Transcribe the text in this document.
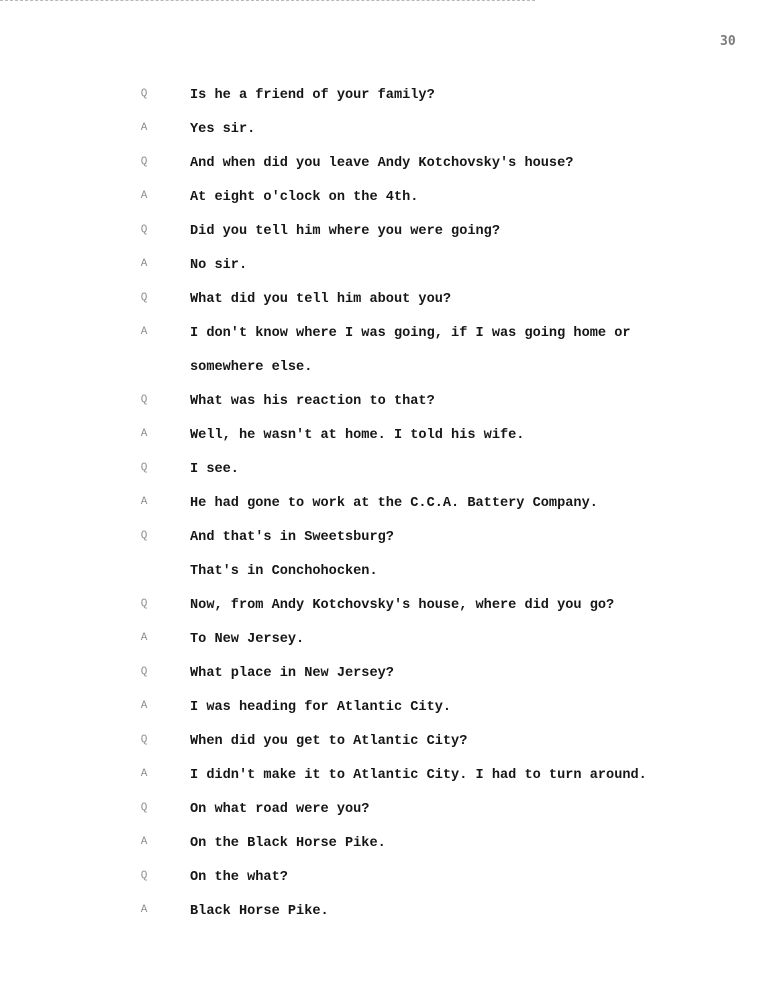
30
Q	Is he a friend of your family?
A	Yes sir.
Q	And when did you leave Andy Kotchovsky's house?
A	At eight o'clock on the 4th.
Q	Did you tell him where you were going?
A	No sir.
Q	What did you tell him about you?
A	I don't know where I was going, if I was going home or
somewhere else.
Q	What was his reaction to that?
A	Well, he wasn't at home. I told his wife.
Q	I see.
A	He had gone to work at the C.C.A. Battery Company.
Q	And that's in Sweetsburg?
That's in Conchohocken.
Q	Now, from Andy Kotchovsky's house, where did you go?
A	To New Jersey.
Q	What place in New Jersey?
A	I was heading for Atlantic City.
Q	When did you get to Atlantic City?
A	I didn't make it to Atlantic City. I had to turn around.
Q	On what road were you?
A	On the Black Horse Pike.
Q	On the what?
A	Black Horse Pike.
